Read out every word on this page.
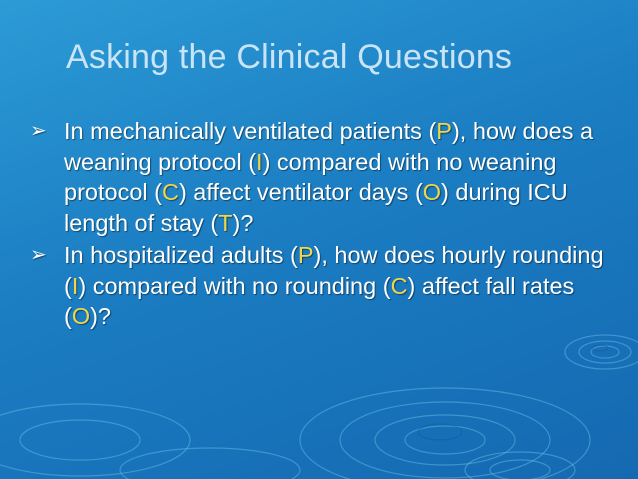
Asking the Clinical Questions
➢ In mechanically ventilated patients (P), how does a weaning protocol (I) compared with no weaning protocol (C) affect ventilator days (O) during ICU length of stay (T)?
➢ In hospitalized adults (P), how does hourly rounding (I) compared with no rounding (C) affect fall rates (O)?
